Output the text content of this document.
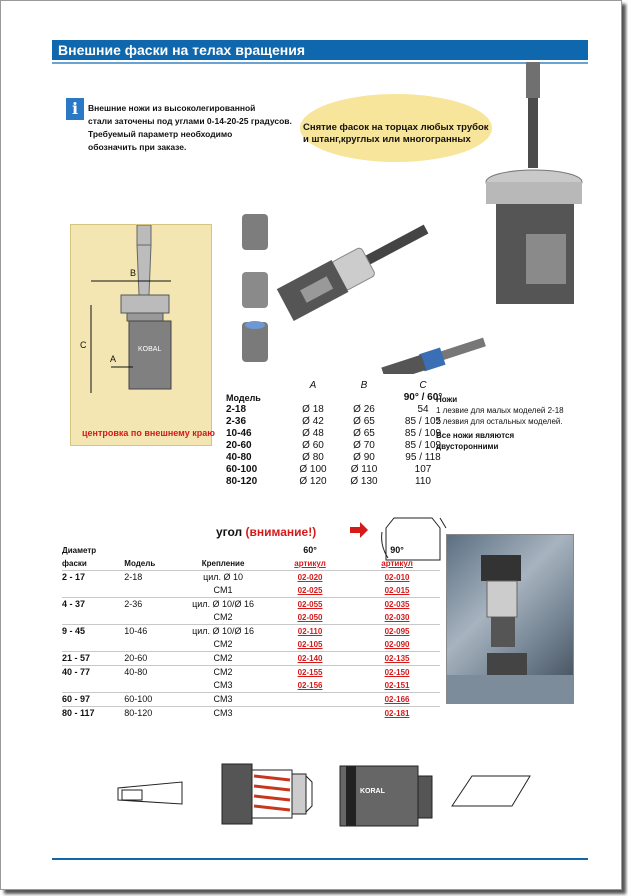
Внешние фаски на телах вращения
i	Внешние ножи из высоколегированной
стали заточены под углами 0-14-20-25 градусов.
Требуемый параметр необходимо
обозначить при заказе.
Снятие фасок на торцах любых трубок
и штанг,круглых или многогранных
B
C
A
KOBAL
центровка по внешнему краю
	A	B	C
Модель			90° / 60°
2-18	Ø 18	Ø 26	54
2-36	Ø 42	Ø 65	85 / 105
10-46	Ø 48	Ø 65	85 / 109
20-60	Ø 60	Ø 70	85 / 109
40-80	Ø 80	Ø 90	95 / 118
60-100	Ø 100	Ø 110	107
80-120	Ø 120	Ø 130	110
Ножи
1 лезвие для малых моделей 2-18
2 лезвия для остальных моделей.
Все ножи являются
двусторонними
угол (внимание!)
Диаметр			60°	90°
фаски	Модель	Крепление	артикул	артикул
2 - 17	2-18	цил. Ø 10	02-020	02-010
		CM1	02-025	02-015
4 - 37	2-36	цил. Ø 10/Ø 16	02-055	02-035
		CM2	02-050	02-030
9 - 45	10-46	цил. Ø 10/Ø 16	02-110	02-095
		CM2	02-105	02-090
21 - 57	20-60	CM2	02-140	02-135
40 - 77	40-80	CM2	02-155	02-150
		CM3	02-156	02-151
60 - 97	60-100	CM3		02-166
80 - 117	80-120	CM3		02-181
KORAL
